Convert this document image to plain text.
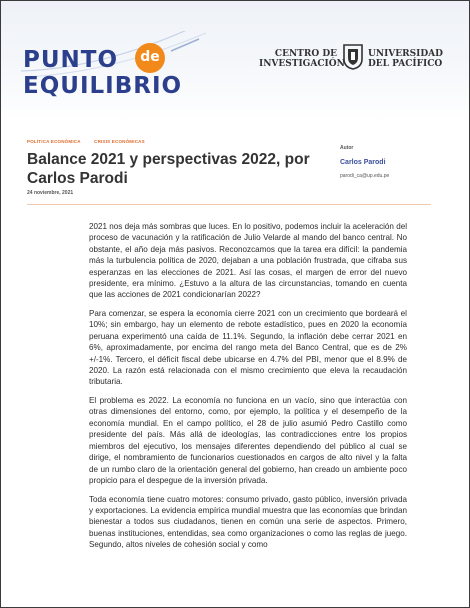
PUNTO	de
EQUILIBRIO
CENTRO DE
INVESTIGACIÓN
UNIVERSIDAD
DEL PACÍFICO
POLÍTICA ECONÓMICA	CRISIS ECONÓMICAS
Balance 2021 y perspectivas 2022, por Carlos Parodi
24 noviembre, 2021
Autor
Carlos Parodi
parodi_ca@up.edu.pe

2021 nos deja más sombras que luces. En lo positivo, podemos incluir la aceleración del proceso de vacunación y la ratificación de Julio Velarde al mando del banco central. No obstante, el año deja más pasivos. Reconozcamos que la tarea era difícil: la pandemia más la turbulencia política de 2020, dejaban a una población frustrada, que cifraba sus esperanzas en las elecciones de 2021. Así las cosas, el margen de error del nuevo presidente, era mínimo. ¿Estuvo a la altura de las circunstancias, tomando en cuenta que las acciones de 2021 condicionarían 2022?

Para comenzar, se espera la economía cierre 2021 con un crecimiento que bordeará el 10%; sin embargo, hay un elemento de rebote estadístico, pues en 2020 la economía peruana experimentó una caída de 11.1%. Segundo, la inflación debe cerrar 2021 en 6%, aproximadamente, por encima del rango meta del Banco Central, que es de 2% +/-1%. Tercero, el déficit fiscal debe ubicarse en 4.7% del PBI, menor que el 8.9% de 2020. La razón está relacionada con el mismo crecimiento que eleva la recaudación tributaria.

El problema es 2022. La economía no funciona en un vacío, sino que interactúa con otras dimensiones del entorno, como, por ejemplo, la política y el desempeño de la economía mundial. En el campo político, el 28 de julio asumió Pedro Castillo como presidente del país. Más allá de ideologías, las contradicciones entre los propios miembros del ejecutivo, los mensajes diferentes dependiendo del público al cual se dirige, el nombramiento de funcionarios cuestionados en cargos de alto nivel y la falta de un rumbo claro de la orientación general del gobierno, han creado un ambiente poco propicio para el despegue de la inversión privada.

Toda economía tiene cuatro motores: consumo privado, gasto público, inversión privada y exportaciones. La evidencia empírica mundial muestra que las economías que brindan bienestar a todos sus ciudadanos, tienen en común una serie de aspectos. Primero, buenas instituciones, entendidas, sea como organizaciones o como las reglas de juego. Segundo, altos niveles de cohesión social y como
